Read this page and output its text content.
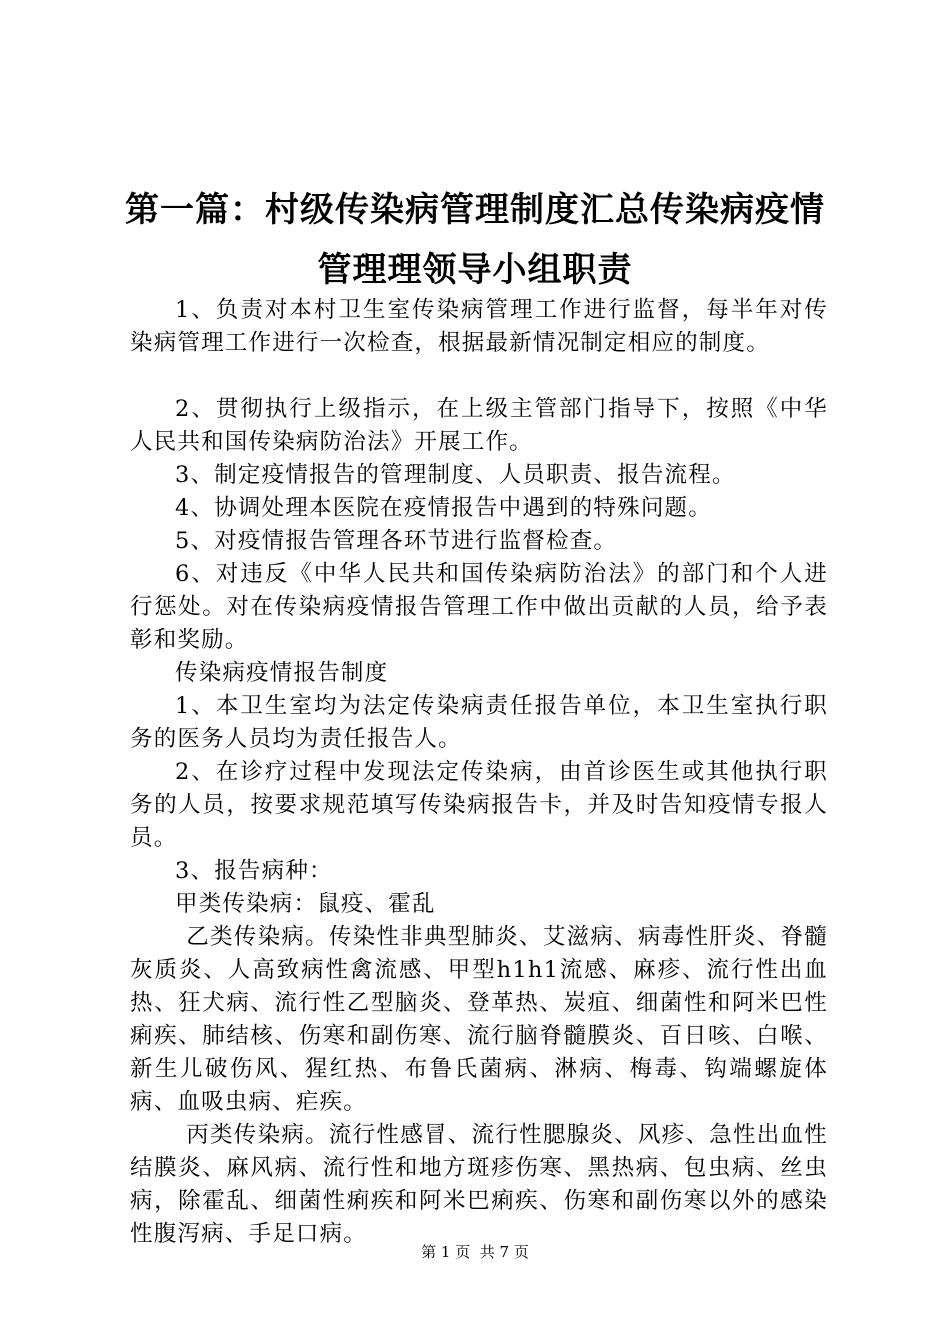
第一篇：村级传染病管理制度汇总传染病疫情
管理理领导小组职责

1、负责对本村卫生室传染病管理工作进行监督，每半年对传染病管理工作进行一次检查，根据最新情况制定相应的制度。

2、贯彻执行上级指示，在上级主管部门指导下，按照《中华人民共和国传染病防治法》开展工作。

3、制定疫情报告的管理制度、人员职责、报告流程。

4、协调处理本医院在疫情报告中遇到的特殊问题。

5、对疫情报告管理各环节进行监督检查。

6、对违反《中华人民共和国传染病防治法》的部门和个人进行惩处。对在传染病疫情报告管理工作中做出贡献的人员，给予表彰和奖励。

传染病疫情报告制度

1、本卫生室均为法定传染病责任报告单位，本卫生室执行职务的医务人员均为责任报告人。

2、在诊疗过程中发现法定传染病，由首诊医生或其他执行职务的人员，按要求规范填写传染病报告卡，并及时告知疫情专报人员。

3、报告病种：

甲类传染病：鼠疫、霍乱

乙类传染病。传染性非典型肺炎、艾滋病、病毒性肝炎、脊髓灰质炎、人高致病性禽流感、甲型h1h1流感、麻疹、流行性出血热、狂犬病、流行性乙型脑炎、登革热、炭疽、细菌性和阿米巴性痢疾、肺结核、伤寒和副伤寒、流行脑脊髓膜炎、百日咳、白喉、新生儿破伤风、猩红热、布鲁氏菌病、淋病、梅毒、钩端螺旋体病、血吸虫病、疟疾。

丙类传染病。流行性感冒、流行性腮腺炎、风疹、急性出血性结膜炎、麻风病、流行性和地方斑疹伤寒、黑热病、包虫病、丝虫病，除霍乱、细菌性痢疾和阿米巴痢疾、伤寒和副伤寒以外的感染性腹泻病、手足口病。

第 1 页  共 7 页
